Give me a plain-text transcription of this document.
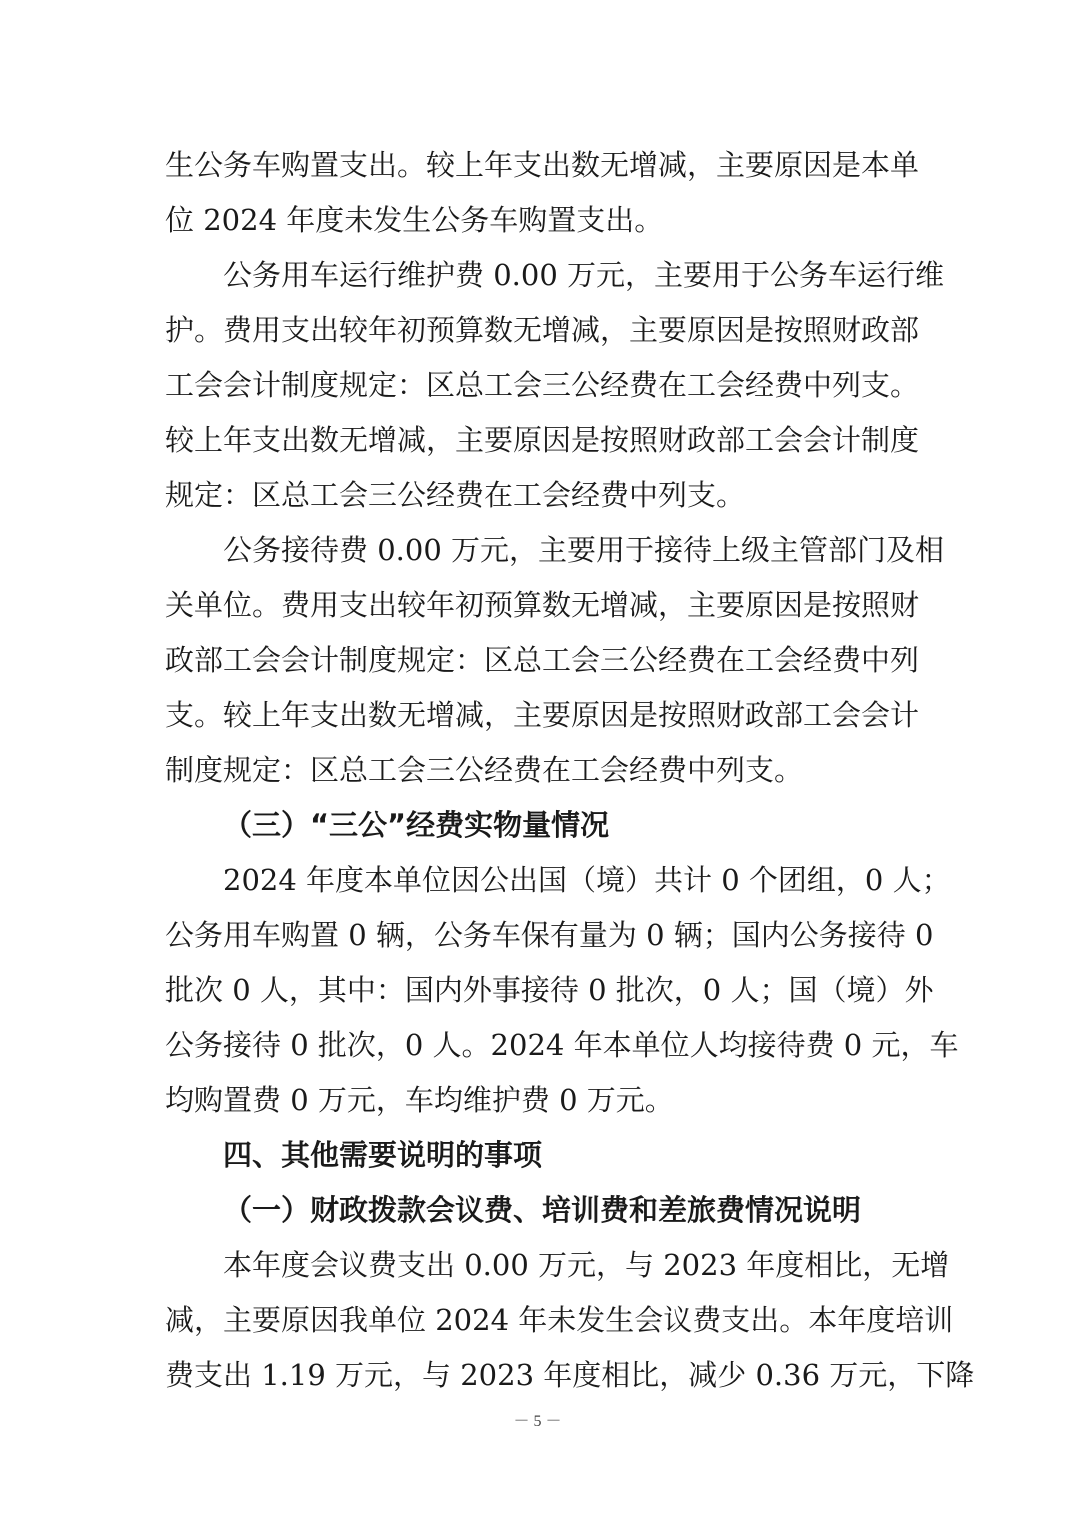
生公务车购置支出。较上年支出数无增减，主要原因是本单
位 2024 年度未发生公务车购置支出。
公务用车运行维护费 0.00 万元，主要用于公务车运行维
护。费用支出较年初预算数无增减，主要原因是按照财政部
工会会计制度规定：区总工会三公经费在工会经费中列支。
较上年支出数无增减，主要原因是按照财政部工会会计制度
规定：区总工会三公经费在工会经费中列支。
公务接待费 0.00 万元，主要用于接待上级主管部门及相
关单位。费用支出较年初预算数无增减，主要原因是按照财
政部工会会计制度规定：区总工会三公经费在工会经费中列
支。较上年支出数无增减，主要原因是按照财政部工会会计
制度规定：区总工会三公经费在工会经费中列支。
（三）“三公”经费实物量情况
2024 年度本单位因公出国（境）共计 0 个团组，0 人；
公务用车购置 0 辆，公务车保有量为 0 辆；国内公务接待 0
批次 0 人，其中：国内外事接待 0 批次，0 人；国（境）外
公务接待 0 批次，0 人。2024 年本单位人均接待费 0 元，车
均购置费 0 万元，车均维护费 0 万元。
四、其他需要说明的事项
（一）财政拨款会议费、培训费和差旅费情况说明
本年度会议费支出 0.00 万元，与 2023 年度相比，无增
减，主要原因我单位 2024 年未发生会议费支出。本年度培训
费支出 1.19 万元，与 2023 年度相比，减少 0.36 万元，下降
－ 5 －
